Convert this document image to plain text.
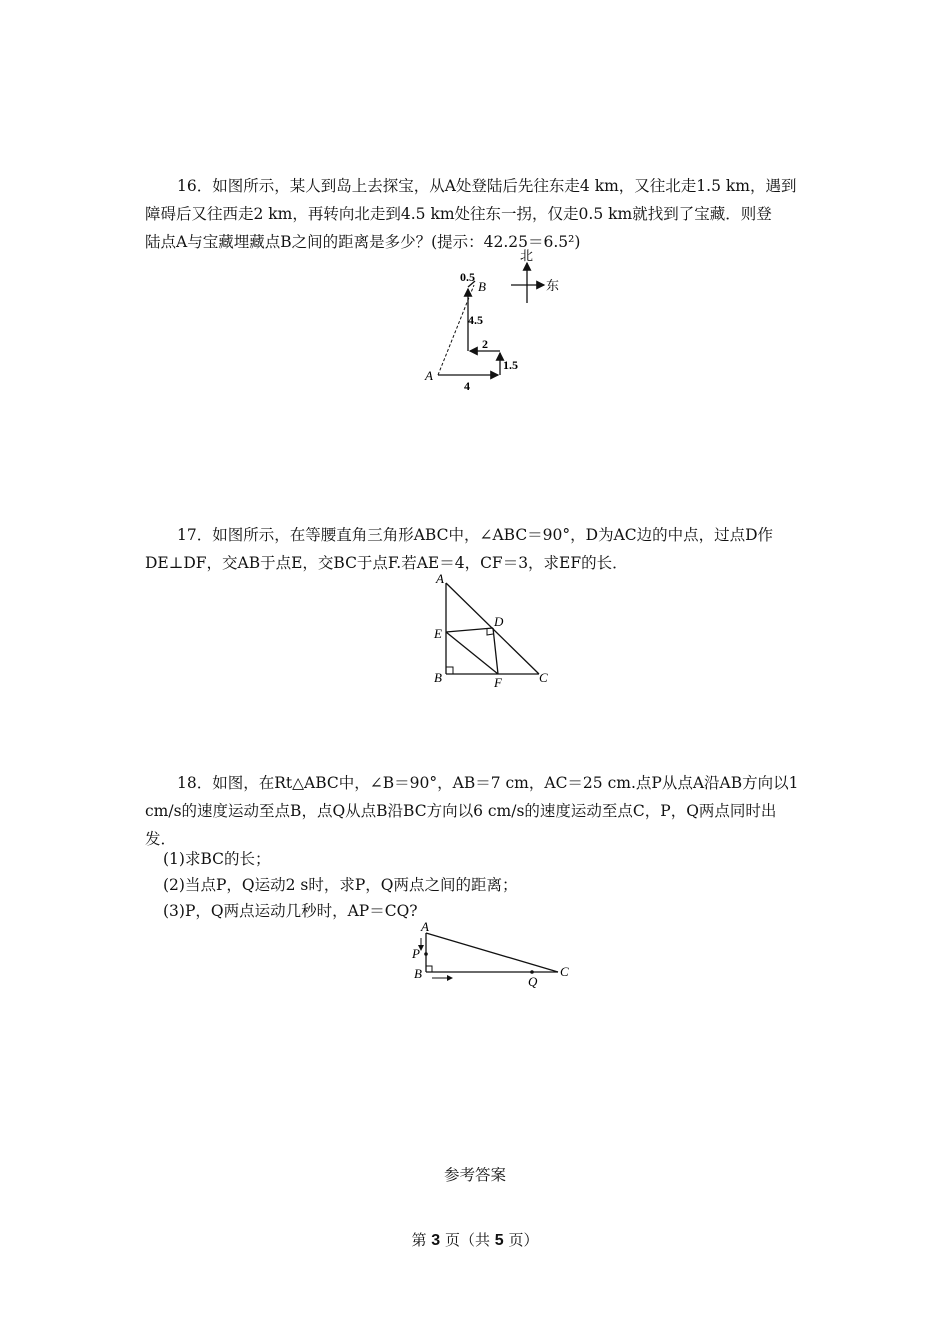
16．如图所示，某人到岛上去探宝，从A处登陆后先往东走4 km，又往北走1.5 km，遇到
障碍后又往西走2 km，再转向北走到4.5 km处往东一拐，仅走0.5 km就找到了宝藏．则登
陆点A与宝藏埋藏点B之间的距离是多少？(提示：42.25＝6.5²)
北
东
A
B
4
1.5
2
4.5
0.5
17．如图所示，在等腰直角三角形ABC中，∠ABC＝90°，D为AC边的中点，过点D作
DE⊥DF，交AB于点E，交BC于点F.若AE＝4，CF＝3，求EF的长．
A
B	C
D
E
F
18．如图，在Rt△ABC中，∠B＝90°，AB＝7 cm，AC＝25 cm.点P从点A沿AB方向以1
cm/s的速度运动至点B，点Q从点B沿BC方向以6 cm/s的速度运动至点C，P，Q两点同时出
发．
(1)求BC的长；
(2)当点P，Q运动2 s时，求P，Q两点之间的距离；
(3)P，Q两点运动几秒时，AP＝CQ?
A
P
B	C
Q
参考答案
第 3 页（共 5 页）
